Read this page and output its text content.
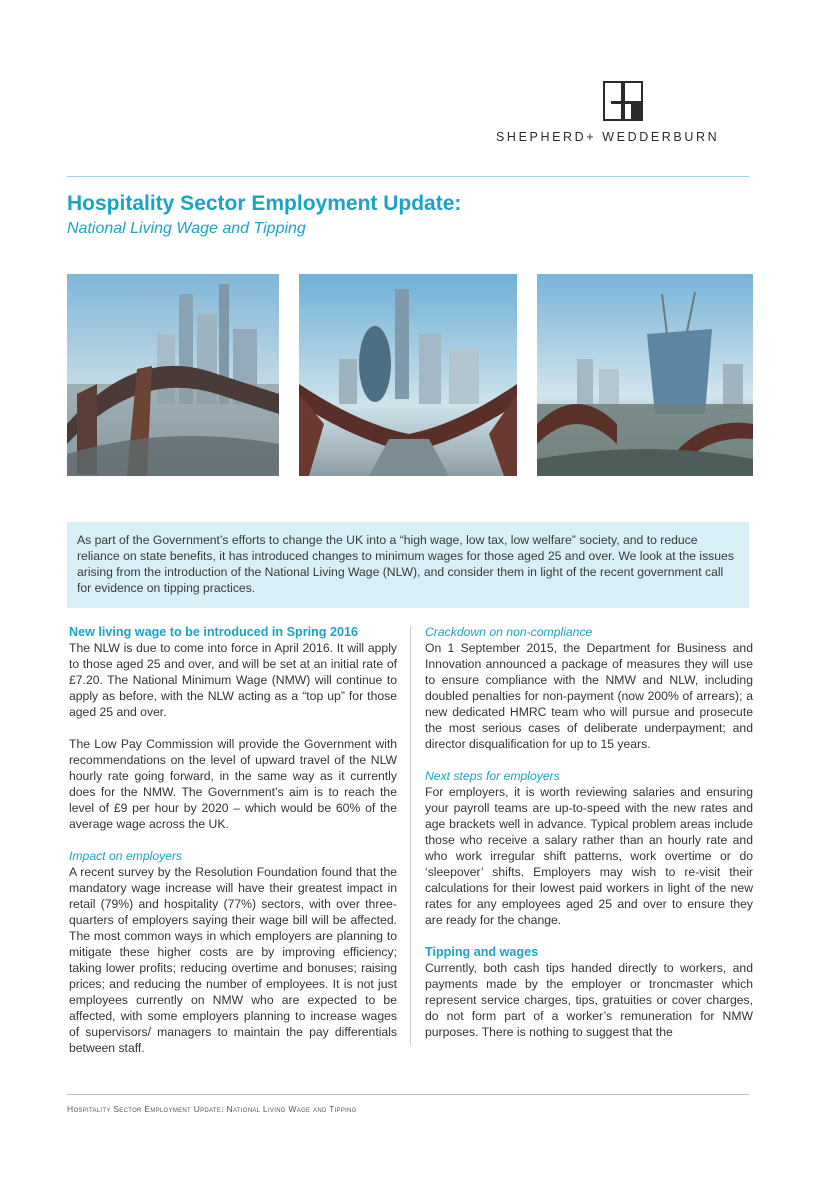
SHEPHERD+ WEDDERBURN
Hospitality Sector Employment Update:
National Living Wage and Tipping
As part of the Government’s efforts to change the UK into a “high wage, low tax, low welfare” society, and to reduce reliance on state benefits, it has introduced changes to minimum wages for those aged 25 and over. We look at the issues arising from the introduction of the National Living Wage (NLW), and consider them in light of the recent government call for evidence on tipping practices.

New living wage to be introduced in Spring 2016

The NLW is due to come into force in April 2016. It will apply to those aged 25 and over, and will be set at an initial rate of £7.20. The National Minimum Wage (NMW) will continue to apply as before, with the NLW acting as a “top up” for those aged 25 and over.

The Low Pay Commission will provide the Government with recommendations on the level of upward travel of the NLW hourly rate going forward, in the same way as it currently does for the NMW. The Government’s aim is to reach the level of £9 per hour by 2020 – which would be 60% of the average wage across the UK.

Impact on employers

A recent survey by the Resolution Foundation found that the mandatory wage increase will have their greatest impact in retail (79%) and hospitality (77%) sectors, with over three-quarters of employers saying their wage bill will be affected. The most common ways in which employers are planning to mitigate these higher costs are by improving efficiency; taking lower profits; reducing overtime and bonuses; raising prices; and reducing the number of employees. It is not just employees currently on NMW who are expected to be affected, with some employers planning to increase wages of supervisors/ managers to maintain the pay differentials between staff.

Crackdown on non-compliance

On 1 September 2015, the Department for Business and Innovation announced a package of measures they will use to ensure compliance with the NMW and NLW, including doubled penalties for non-payment (now 200% of arrears); a new dedicated HMRC team who will pursue and prosecute the most serious cases of deliberate underpayment; and director disqualification for up to 15 years.

Next steps for employers

For employers, it is worth reviewing salaries and ensuring your payroll teams are up-to-speed with the new rates and age brackets well in advance. Typical problem areas include those who receive a salary rather than an hourly rate and who work irregular shift patterns, work overtime or do ‘sleepover’ shifts. Employers may wish to re-visit their calculations for their lowest paid workers in light of the new rates for any employees aged 25 and over to ensure they are ready for the change.

Tipping and wages

Currently, both cash tips handed directly to workers, and payments made by the employer or troncmaster which represent service charges, tips, gratuities or cover charges, do not form part of a worker’s remuneration for NMW purposes. There is nothing to suggest that the

Hospitality Sector Employment Update: National Living Wage and Tipping
